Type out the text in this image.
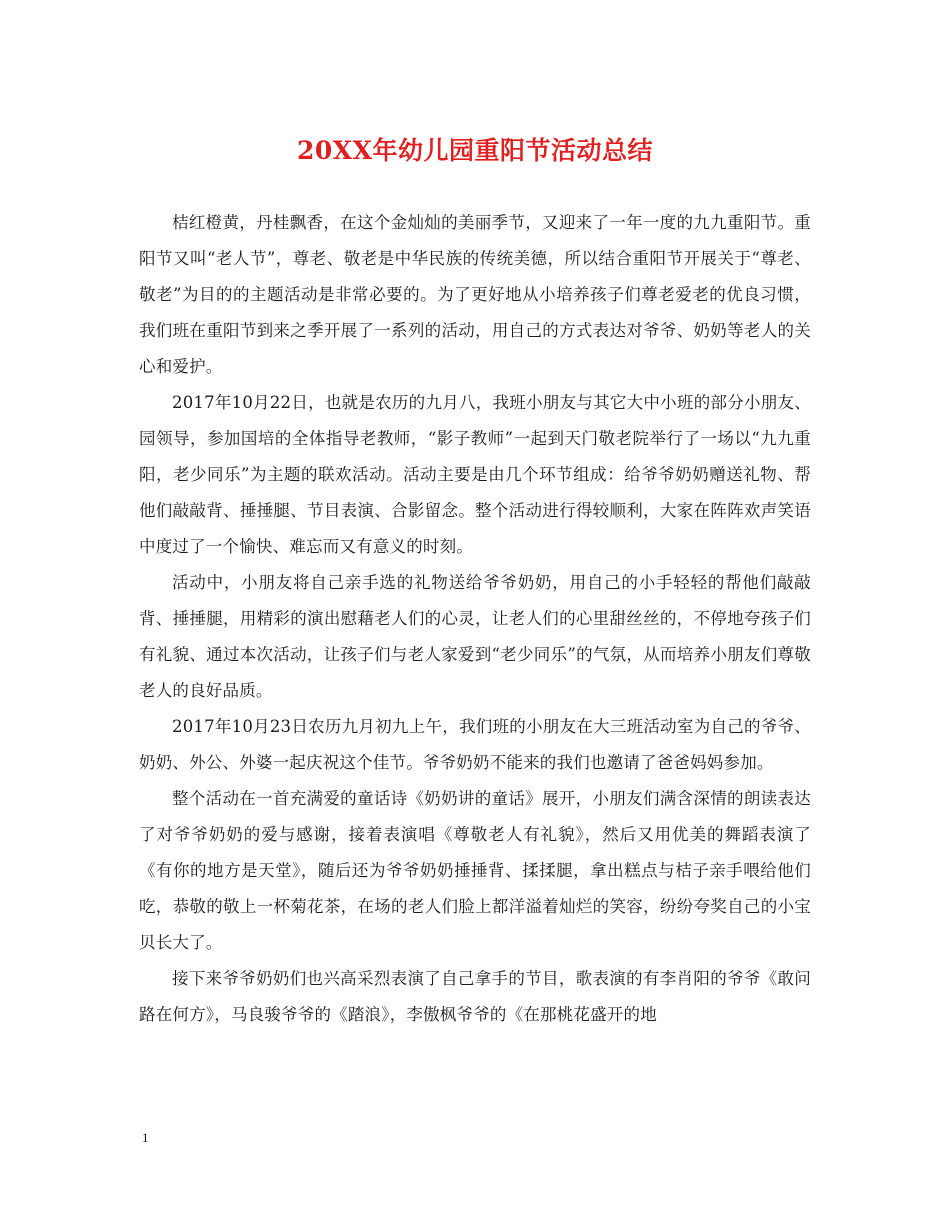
20XX年幼儿园重阳节活动总结

桔红橙黄，丹桂飘香，在这个金灿灿的美丽季节，又迎来了一年一度的九九重阳节。重阳节又叫“老人节”，尊老、敬老是中华民族的传统美德，所以结合重阳节开展关于“尊老、敬老”为目的的主题活动是非常必要的。为了更好地从小培养孩子们尊老爱老的优良习惯，我们班在重阳节到来之季开展了一系列的活动，用自己的方式表达对爷爷、奶奶等老人的关心和爱护。

2017年10月22日，也就是农历的九月八，我班小朋友与其它大中小班的部分小朋友、园领导，参加国培的全体指导老教师，“影子教师”一起到天门敬老院举行了一场以“九九重阳，老少同乐”为主题的联欢活动。活动主要是由几个环节组成：给爷爷奶奶赠送礼物、帮他们敲敲背、捶捶腿、节目表演、合影留念。整个活动进行得较顺利，大家在阵阵欢声笑语中度过了一个愉快、难忘而又有意义的时刻。

活动中，小朋友将自己亲手选的礼物送给爷爷奶奶，用自己的小手轻轻的帮他们敲敲背、捶捶腿，用精彩的演出慰藉老人们的心灵，让老人们的心里甜丝丝的，不停地夸孩子们有礼貌、通过本次活动，让孩子们与老人家爱到“老少同乐”的气氛，从而培养小朋友们尊敬老人的良好品质。

2017年10月23日农历九月初九上午，我们班的小朋友在大三班活动室为自己的爷爷、奶奶、外公、外婆一起庆祝这个佳节。爷爷奶奶不能来的我们也邀请了爸爸妈妈参加。

整个活动在一首充满爱的童话诗《奶奶讲的童话》展开，小朋友们满含深情的朗读表达了对爷爷奶奶的爱与感谢，接着表演唱《尊敬老人有礼貌》，然后又用优美的舞蹈表演了《有你的地方是天堂》，随后还为爷爷奶奶捶捶背、揉揉腿，拿出糕点与桔子亲手喂给他们吃，恭敬的敬上一杯菊花茶，在场的老人们脸上都洋溢着灿烂的笑容，纷纷夸奖自己的小宝贝长大了。

接下来爷爷奶奶们也兴高采烈表演了自己拿手的节目，歌表演的有李肖阳的爷爷《敢问路在何方》，马良骏爷爷的《踏浪》，李傲枫爷爷的《在那桃花盛开的地

1
